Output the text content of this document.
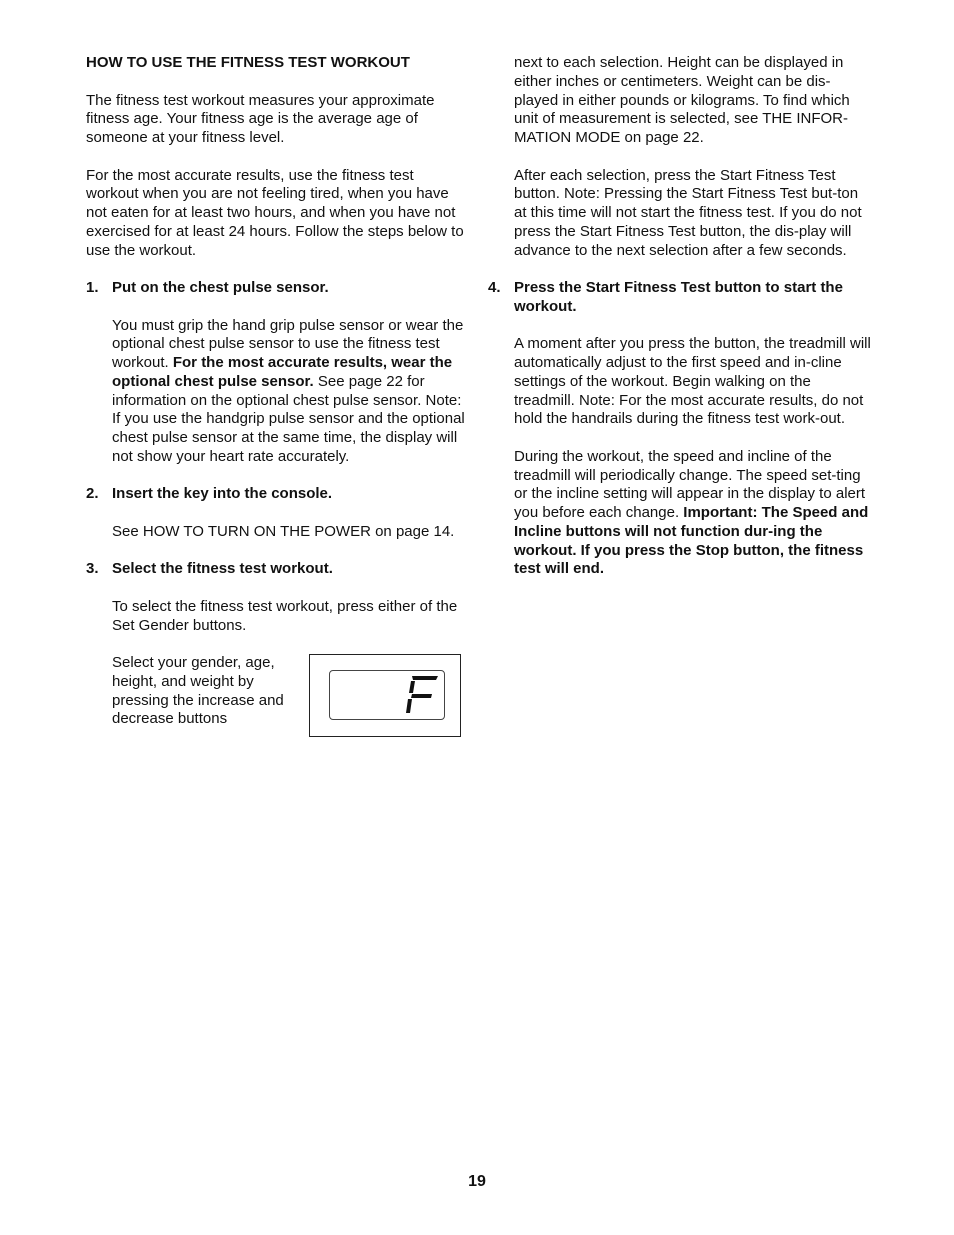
HOW TO USE THE FITNESS TEST WORKOUT

The fitness test workout measures your approximate fitness age. Your fitness age is the average age of someone at your fitness level.

For the most accurate results, use the fitness test workout when you are not feeling tired, when you have not eaten for at least two hours, and when you have not exercised for at least 24 hours. Follow the steps below to use the workout.

1. Put on the chest pulse sensor.

You must grip the hand grip pulse sensor or wear the optional chest pulse sensor to use the fitness test workout. For the most accurate results, wear the optional chest pulse sensor. See page 22 for information on the optional chest pulse sensor. Note: If you use the handgrip pulse sensor and the optional chest pulse sensor at the same time, the display will not show your heart rate accurately.

2. Insert the key into the console.

See HOW TO TURN ON THE POWER on page 14.

3. Select the fitness test workout.

To select the fitness test workout, press either of the Set Gender buttons.

Select your gender, age, height, and weight by pressing the increase and decrease buttons

next to each selection. Height can be displayed in either inches or centimeters. Weight can be dis-played in either pounds or kilograms. To find which unit of measurement is selected, see THE INFOR-MATION MODE on page 22.

After each selection, press the Start Fitness Test button. Note: Pressing the Start Fitness Test but-ton at this time will not start the fitness test. If you do not press the Start Fitness Test button, the dis-play will advance to the next selection after a few seconds.

4. Press the Start Fitness Test button to start the workout.

A moment after you press the button, the treadmill will automatically adjust to the first speed and in-cline settings of the workout. Begin walking on the treadmill. Note: For the most accurate results, do not hold the handrails during the fitness test work-out.

During the workout, the speed and incline of the treadmill will periodically change. The speed set-ting or the incline setting will appear in the display to alert you before each change. Important: The Speed and Incline buttons will not function dur-ing the workout. If you press the Stop button, the fitness test will end.

19
